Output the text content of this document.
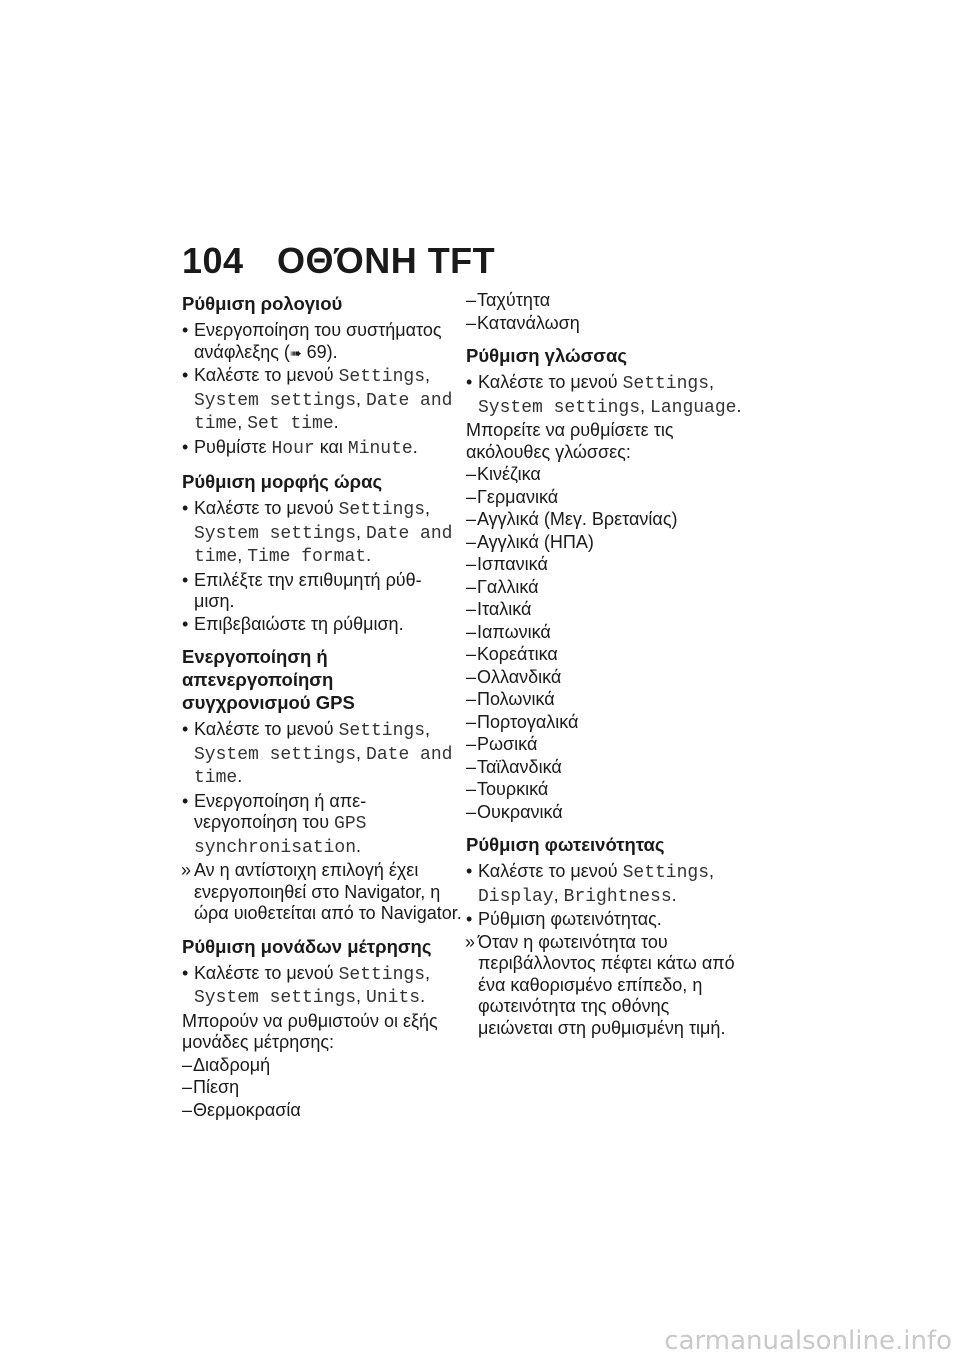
104 ΟΘΌΝΗ TFT
Ρύθμιση ρολογιού
• Ενεργοποίηση του συστήματος ανάφλεξης (➠ 69).
• Καλέστε το μενού Settings, System settings, Date and time, Set time.
• Ρυθμίστε Hour και Minute.
Ρύθμιση μορφής ώρας
• Καλέστε το μενού Settings, System settings, Date and time, Time format.
• Επιλέξτε την επιθυμητή ρύθ-μιση.
• Επιβεβαιώστε τη ρύθμιση.
Ενεργοποίηση ή απενεργοποίηση συγχρονισμού GPS
• Καλέστε το μενού Settings, System settings, Date and time.
• Ενεργοποίηση ή απε-νεργοποίηση του GPS synchronisation.
» Αν η αντίστοιχη επιλογή έχει ενεργοποιηθεί στο Navigator, η ώρα υιοθετείται από το Navigator.
Ρύθμιση μονάδων μέτρησης
• Καλέστε το μενού Settings, System settings, Units.

Μπορούν να ρυθμιστούν οι εξής μονάδες μέτρησης:

– Διαδρομή
– Πίεση
– Θερμοκρασία
– Ταχύτητα
– Κατανάλωση
Ρύθμιση γλώσσας
• Καλέστε το μενού Settings, System settings, Language.

Μπορείτε να ρυθμίσετε τις ακόλουθες γλώσσες:

– Κινέζικα
– Γερμανικά
– Αγγλικά (Μεγ. Βρετανίας)
– Αγγλικά (ΗΠΑ)
– Ισπανικά
– Γαλλικά
– Ιταλικά
– Ιαπωνικά
– Κορεάτικα
– Ολλανδικά
– Πολωνικά
– Πορτογαλικά
– Ρωσικά
– Ταϊλανδικά
– Τουρκικά
– Ουκρανικά
Ρύθμιση φωτεινότητας
• Καλέστε το μενού Settings, Display, Brightness.
• Ρύθμιση φωτεινότητας.
» Όταν η φωτεινότητα του περιβάλλοντος πέφτει κάτω από ένα καθορισμένο επίπεδο, η φωτεινότητα της οθόνης μειώνεται στη ρυθμισμένη τιμή.
carmanualsonline.info
